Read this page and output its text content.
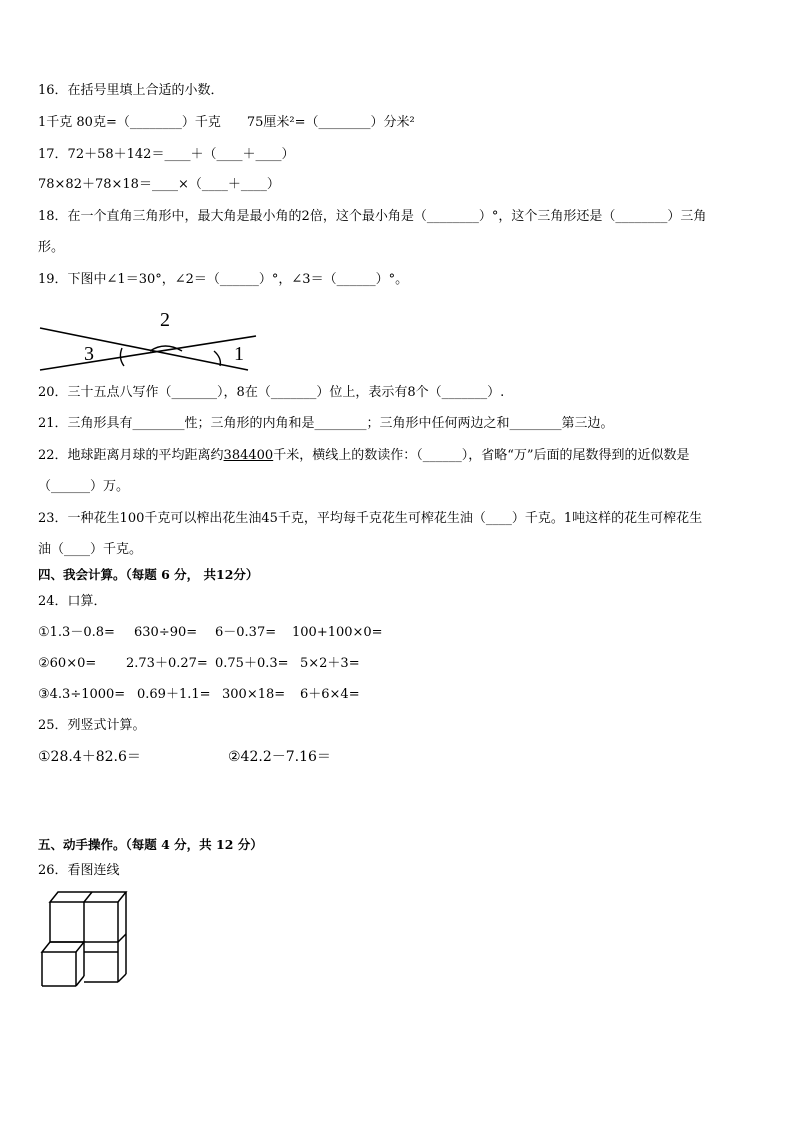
16．在括号里填上合适的小数．
1千克 80克=（________）千克　　75厘米²=（________）分米²
17．72＋58＋142＝____＋（____＋____）
78×82＋78×18＝____×（____＋____）
18．在一个直角三角形中，最大角是最小角的2倍，这个最小角是（________）°，这个三角形还是（________）三角
形。
19．下图中∠1＝30°，∠2＝（______）°，∠3＝（______）°。
2
3	1
20．三十五点八写作（_______），8在（_______）位上，表示有8个（_______）.
21．三角形具有________性；三角形的内角和是________；三角形中任何两边之和________第三边。
22．地球距离月球的平均距离约384400千米，横线上的数读作：（______），省略“万”后面的尾数得到的近似数是
（______）万。
23．一种花生100千克可以榨出花生油45千克，平均每千克花生可榨花生油（____）千克。1吨这样的花生可榨花生
油（____）千克。
四、我会计算。（每题 6 分， 共12分）
24．口算．
①1.3－0.8= 630÷90= 6－0.37= 100+100×0=
②60×0= 2.73＋0.27= 0.75＋0.3= 5×2＋3=
③4.3÷1000= 0.69＋1.1= 300×18= 6＋6×4=
25．列竖式计算。
①28.4＋82.6＝	②42.2－7.16＝
五、动手操作。（每题 4 分，共 12 分）
26．看图连线
